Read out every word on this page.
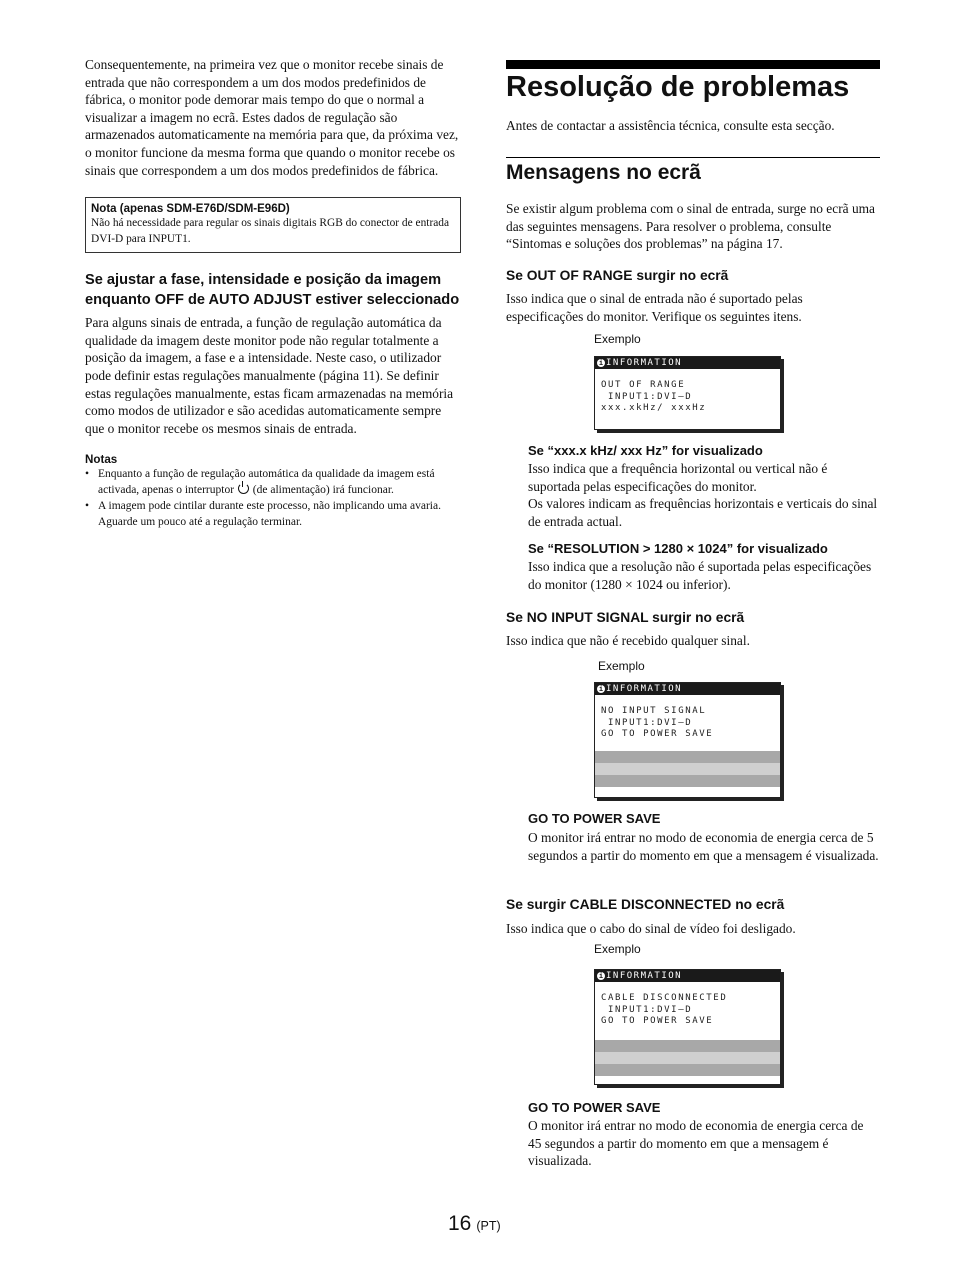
Consequentemente, na primeira vez que o monitor recebe sinais de entrada que não correspondem a um dos modos predefinidos de fábrica, o monitor pode demorar mais tempo do que o normal a visualizar a imagem no ecrã. Estes dados de regulação são armazenados automaticamente na memória para que, da próxima vez, o monitor funcione da mesma forma que quando o monitor recebe os sinais que correspondem a um dos modos predefinidos de fábrica.

Nota (apenas SDM-E76D/SDM-E96D)

Não há necessidade para regular os sinais digitais RGB do conector de entrada DVI-D para INPUT1.

Se ajustar a fase, intensidade e posição da imagem enquanto OFF de AUTO ADJUST estiver seleccionado

Para alguns sinais de entrada, a função de regulação automática da qualidade da imagem deste monitor pode não regular totalmente a posição da imagem, a fase e a intensidade. Neste caso, o utilizador pode definir estas regulações manualmente (página 11). Se definir estas regulações manualmente, estas ficam armazenadas na memória como modos de utilizador e são acedidas automaticamente sempre que o monitor recebe os mesmos sinais de entrada.

Notas

• Enquanto a função de regulação automática da qualidade da imagem está activada, apenas o interruptor (de alimentação) irá funcionar.
• A imagem pode cintilar durante este processo, não implicando uma avaria. Aguarde um pouco até a regulação terminar.
Resolução de problemas

Antes de contactar a assistência técnica, consulte esta secção.

Mensagens no ecrã

Se existir algum problema com o sinal de entrada, surge no ecrã uma das seguintes mensagens. Para resolver o problema, consulte “Sintomas e soluções dos problemas” na página 17.

Se OUT OF RANGE surgir no ecrã

Isso indica que o sinal de entrada não é suportado pelas especificações do monitor. Verifique os seguintes itens.

Exemplo
i INFORMATION
OUT OF RANGE
INPUT1:DVI–D
xxx.xkHz/ xxxHz
Se “xxx.x kHz/ xxx Hz” for visualizado

Isso indica que a frequência horizontal ou vertical não é suportada pelas especificações do monitor.

Os valores indicam as frequências horizontais e verticais do sinal de entrada actual.

Se “RESOLUTION > 1280 × 1024” for visualizado

Isso indica que a resolução não é suportada pelas especificações do monitor (1280 × 1024 ou inferior).

Se NO INPUT SIGNAL surgir no ecrã

Isso indica que não é recebido qualquer sinal.

Exemplo
i INFORMATION
NO INPUT SIGNAL
INPUT1:DVI–D
GO TO POWER SAVE
GO TO POWER SAVE

O monitor irá entrar no modo de economia de energia cerca de 5 segundos a partir do momento em que a mensagem é visualizada.

Se surgir CABLE DISCONNECTED no ecrã

Isso indica que o cabo do sinal de vídeo foi desligado.

Exemplo
i INFORMATION
CABLE DISCONNECTED
INPUT1:DVI–D
GO TO POWER SAVE
GO TO POWER SAVE

O monitor irá entrar no modo de economia de energia cerca de 45 segundos a partir do momento em que a mensagem é visualizada.

16 (PT)
